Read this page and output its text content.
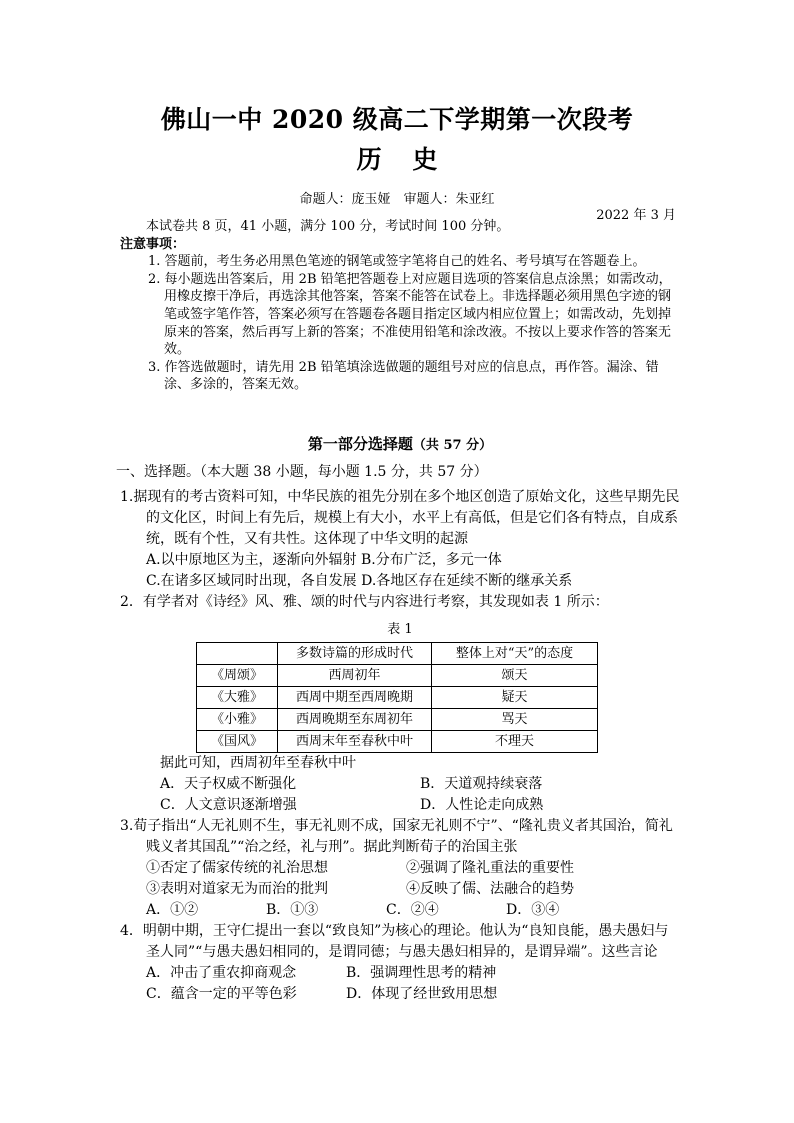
佛山一中 2020 级高二下学期第一次段考
历 史
命题人：庞玉娅　审题人：朱亚红
2022 年 3 月

本试卷共 8 页，41 小题，满分 100 分，考试时间 100 分钟。

注意事项：

1. 答题前，考生务必用黑色笔迹的钢笔或签字笔将自己的姓名、考号填写在答题卷上。

2. 每小题选出答案后，用 2B 铅笔把答题卷上对应题目选项的答案信息点涂黑；如需改动，用橡皮擦干净后，再选涂其他答案，答案不能答在试卷上。非选择题必须用黑色字迹的钢笔或签字笔作答，答案必须写在答题卷各题目指定区域内相应位置上；如需改动，先划掉原来的答案，然后再写上新的答案；不准使用铅笔和涂改液。不按以上要求作答的答案无效。

3. 作答选做题时，请先用 2B 铅笔填涂选做题的题组号对应的信息点，再作答。漏涂、错涂、多涂的，答案无效。

第一部分选择题（共 57 分）

一、选择题。（本大题 38 小题，每小题 1.5 分，共 57 分）

1.据现有的考古资料可知，中华民族的祖先分别在多个地区创造了原始文化，这些早期先民的文化区，时间上有先后，规模上有大小，水平上有高低，但是它们各有特点，自成系统，既有个性，又有共性。这体现了中华文明的起源

A.以中原地区为主，逐渐向外辐射 B.分布广泛，多元一体

C.在诸多区域同时出现，各自发展 D.各地区存在延续不断的继承关系

2．有学者对《诗经》风、雅、颂的时代与内容进行考察，其发现如表 1 所示：

表 1
	多数诗篇的形成时代	整体上对“天”的态度
《周颂》	西周初年	颂天
《大雅》	西周中期至西周晚期	疑天
《小雅》	西周晚期至东周初年	骂天
《国风》	西周末年至春秋中叶	不理天

据此可知，西周初年至春秋中叶

A．天子权威不断强化	B．天道观持续衰落
C．人文意识逐渐增强	D．人性论走向成熟

3.荀子指出“人无礼则不生，事无礼则不成，国家无礼则不宁”、“隆礼贵义者其国治，简礼贱义者其国乱”“治之经，礼与刑”。据此判断荀子的治国主张

①否定了儒家传统的礼治思想	②强调了隆礼重法的重要性
③表明对道家无为而治的批判	④反映了儒、法融合的趋势
A．①②	B．①③	C．②④	D．③④

4．明朝中期，王守仁提出一套以“致良知”为核心的理论。他认为“良知良能，愚夫愚妇与圣人同”“与愚夫愚妇相同的，是谓同德；与愚夫愚妇相异的，是谓异端”。这些言论

A．冲击了重农抑商观念	B．强调理性思考的精神
C．蕴含一定的平等色彩	D．体现了经世致用思想
